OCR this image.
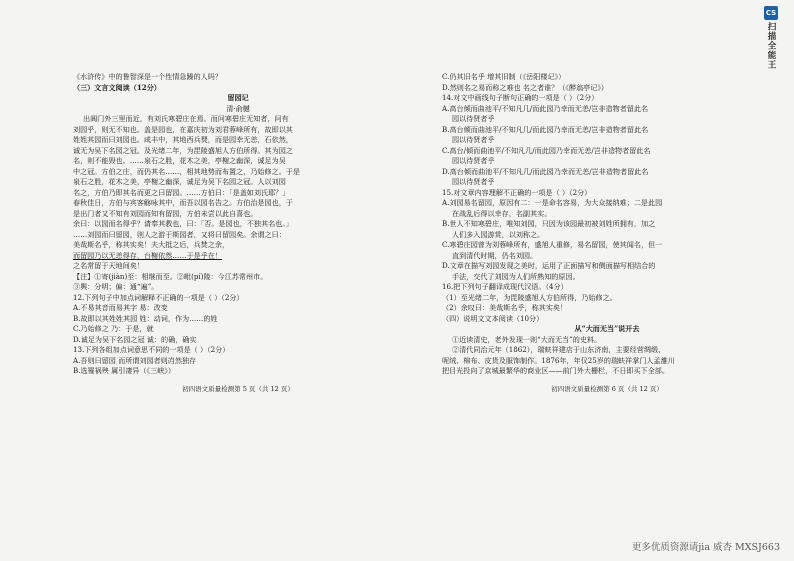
《水浒传》中的鲁智深是一个性情急躁的人吗？
（三）文言文阅读（12分）
留园记
清·俞樾
出阊门外三里而近，有刘氏寒碧庄在焉。而问寒碧庄无知者，问有
刘园乎，则无不知也。盖是园也，在嘉庆初为刘君蓉峰所有，故即以其
姓姓其园而曰刘园也。咸丰中，其地西兵燹，而是园幸无恙，石依然，
诚无为吴下名园之冠。及光绪二年，为毘陵盛旭人方伯所得。其为园之
名，则不能毁也。……泉石之胜，花木之美，亭榭之幽深，诚足为吴
中之冠。方伯之庄，而仍其名……，相其地势而布置之，乃始修之。于是
泉石之胜，花木之美，亭榭之幽深，诚足为吴下名园之冠。人以刘园
名之，方伯乃即其名而更之曰留园。……方伯曰：「是盖如刘氏耶？」
春秋佳日，方伯与宾客觞咏其中，而吾以园名告之。方伯治是园也，于
是出门者又不知有刘园而知有留园，方伯未尝以此自喜也。
余曰：以园而名得乎？请奉其教也，曰：「否。是园也，不独其名也。」
……刘园而曰留园，则人之游于斯园者，又将曰留园矣。余谓之曰：
美哉斯名乎，称其实矣！夫大抵之后，兵焚之余，
而留园乃以无恙得存，台榭依然……于是乎在！
之名常留于天地间矣！
【注】①寄(jiàn)至：相继而至。②毗(pí)陵：今江苏常州市。
③舆：分明；偏：通“遍”。
12.下列句子中加点词解释不正确的一项是（ ）（2分）
A.不易其音而易其字 易：改变
B.故即以其姓姓其园 姓：动词，作为……的姓
C.乃始修之 乃：于是，就
D.诚足为吴下名园之冠 诚：的确，确实
13.下列各组加点词意思不同的一项是（ ）（2分）
A.吾则曰留园 而所谓刘园者则岿然独存
B.选罹祸殃 属引凄异（《三峡》）
初四语文质量检测第 5 页（共 12 页）
C.仍其旧名乎 增其旧制（《岳阳楼记》）
D.然则名之易而称之难也 名之者谁？（《醉翁亭记》）
14.对文中画线句子断句正确的一项是（ ）（2分）
A.高台倾而曲池平/不知凡几/而此园乃幸而无恙/岂非造物者留此名
园以待贤者乎
B.高台倾而曲池平/不知凡几/而此园乃幸而无恙/岂非造物者留此名
园以待贤者乎
C.高台/倾而曲池平/不知凡几/而此园乃幸而无恙/岂非造物者留此名
园以待贤者乎
D.高台倾而曲池平/不知凡几/而此园乃幸而无恙/岂非造物者留此名
园以待贤者乎
15.对文章内容理解不正确的一项是（ ）（2分）
A.刘园易名留园，原因有二：一是命名容易，为大众接纳难；二是此园
在战乱后得以幸存，名副其实。
B.世人不知寒碧庄，唯知刘园，只因为该园最初被刘姓所拥有，加之
人们多入园游赏，以刘称之。
C.寒碧庄园曾为刘蓉峰所有，盛旭人重修，易名留园，使其闻名，但一
直到清代时期，仍名刘园。
D.文章在描写刘园发现之美时，运用了正面描写和侧面描写相结合的
手法，交代了刘园为人们所熟知的原因。
16.把下列句子翻译成现代汉语。（4分）
（1）至光绪二年，为毘陵盛旭人方伯所得，乃始修之。
（2）余叹曰：美哉斯名乎，称其实矣！
（四）说明文文本阅读（10分）
从“大而无当”说开去
①近读清史，老外发现一则“大而无当”的史料。
②清代同治元年（1862），瑞蚨祥建店于山东济南，主要经营绸缎、
呢绒、棉布、皮货及服饰制作。1876年，年仅25岁的瑞蚨祥掌门人孟雒川
把目光投向了京城最繁华的商业区——前门外大栅栏，不日即买下全部。
初四语文质量检测第 6 页（共 12 页）
CS
扫描全能王
更多优质资源请jia 威杏 MXSJ663
